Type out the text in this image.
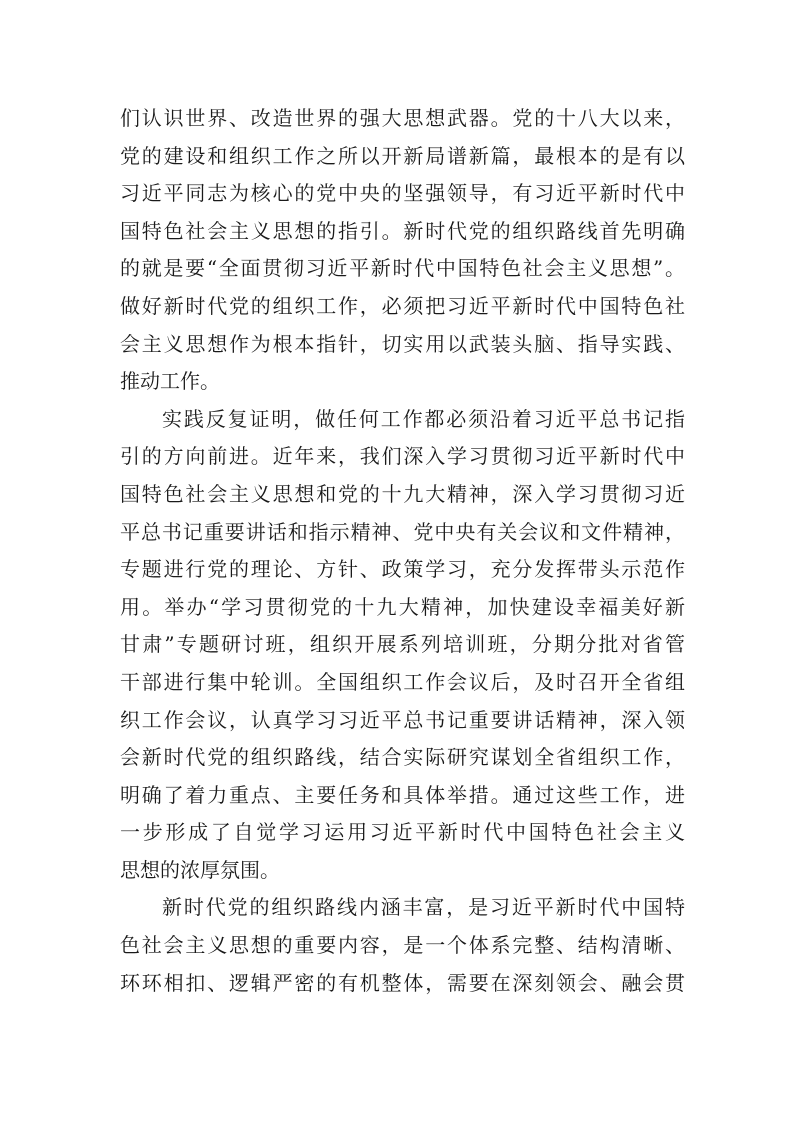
们认识世界、改造世界的强大思想武器。党的十八大以来，
党的建设和组织工作之所以开新局谱新篇，最根本的是有以
习近平同志为核心的党中央的坚强领导，有习近平新时代中
国特色社会主义思想的指引。新时代党的组织路线首先明确
的就是要“全面贯彻习近平新时代中国特色社会主义思想”。
做好新时代党的组织工作，必须把习近平新时代中国特色社
会主义思想作为根本指针，切实用以武装头脑、指导实践、
推动工作。
实践反复证明，做任何工作都必须沿着习近平总书记指
引的方向前进。近年来，我们深入学习贯彻习近平新时代中
国特色社会主义思想和党的十九大精神，深入学习贯彻习近
平总书记重要讲话和指示精神、党中央有关会议和文件精神，
专题进行党的理论、方针、政策学习，充分发挥带头示范作
用。举办“学习贯彻党的十九大精神，加快建设幸福美好新
甘肃”专题研讨班，组织开展系列培训班，分期分批对省管
干部进行集中轮训。全国组织工作会议后，及时召开全省组
织工作会议，认真学习习近平总书记重要讲话精神，深入领
会新时代党的组织路线，结合实际研究谋划全省组织工作，
明确了着力重点、主要任务和具体举措。通过这些工作，进
一步形成了自觉学习运用习近平新时代中国特色社会主义
思想的浓厚氛围。
新时代党的组织路线内涵丰富，是习近平新时代中国特
色社会主义思想的重要内容，是一个体系完整、结构清晰、
环环相扣、逻辑严密的有机整体，需要在深刻领会、融会贯
